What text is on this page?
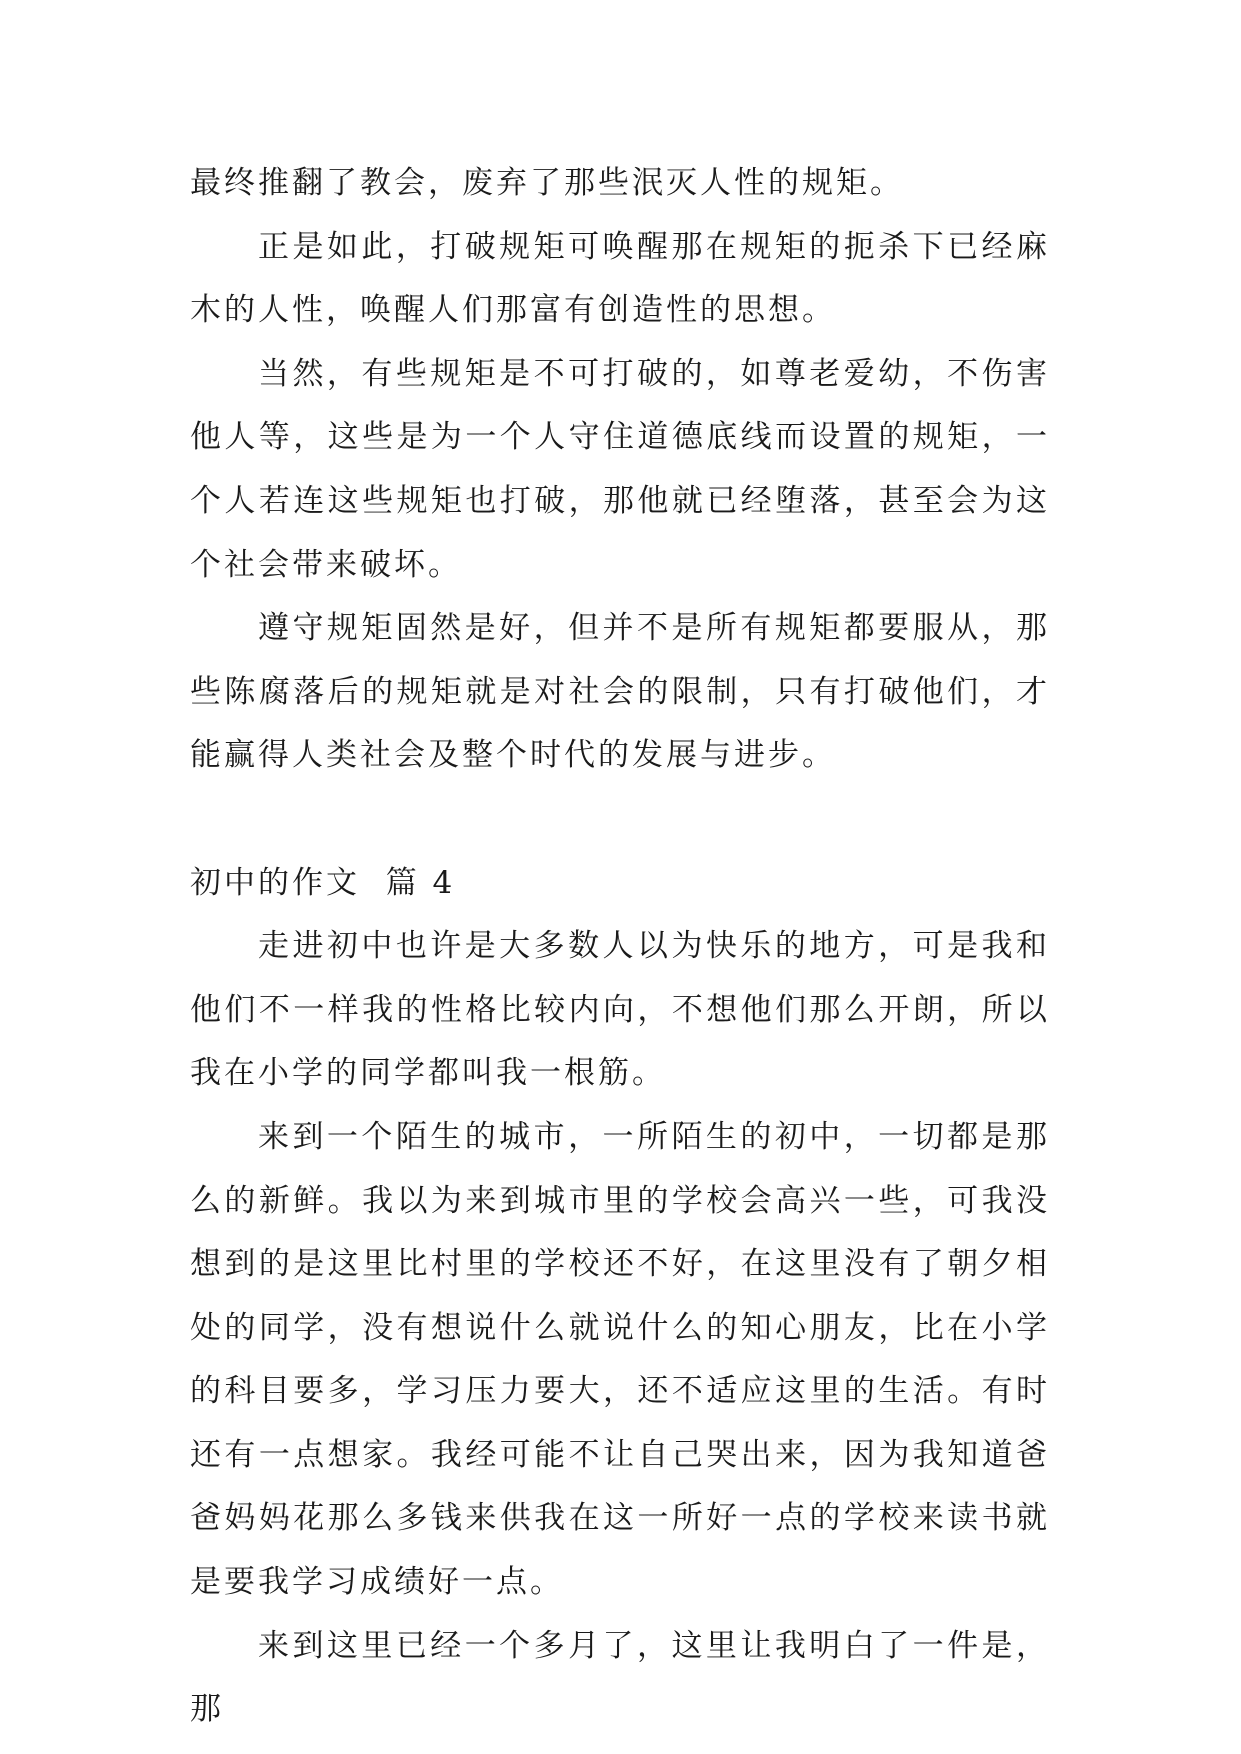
最终推翻了教会，废弃了那些泯灭人性的规矩。

正是如此，打破规矩可唤醒那在规矩的扼杀下已经麻木的人性，唤醒人们那富有创造性的思想。

当然，有些规矩是不可打破的，如尊老爱幼，不伤害他人等，这些是为一个人守住道德底线而设置的规矩，一个人若连这些规矩也打破，那他就已经堕落，甚至会为这个社会带来破坏。

遵守规矩固然是好，但并不是所有规矩都要服从，那些陈腐落后的规矩就是对社会的限制，只有打破他们，才能赢得人类社会及整个时代的发展与进步。

初中的作文  篇 4

走进初中也许是大多数人以为快乐的地方，可是我和他们不一样我的性格比较内向，不想他们那么开朗，所以我在小学的同学都叫我一根筋。

来到一个陌生的城市，一所陌生的初中，一切都是那么的新鲜。我以为来到城市里的学校会高兴一些，可我没想到的是这里比村里的学校还不好，在这里没有了朝夕相处的同学，没有想说什么就说什么的知心朋友，比在小学的科目要多，学习压力要大，还不适应这里的生活。有时还有一点想家。我经可能不让自己哭出来，因为我知道爸爸妈妈花那么多钱来供我在这一所好一点的学校来读书就是要我学习成绩好一点。

来到这里已经一个多月了，这里让我明白了一件是，那
